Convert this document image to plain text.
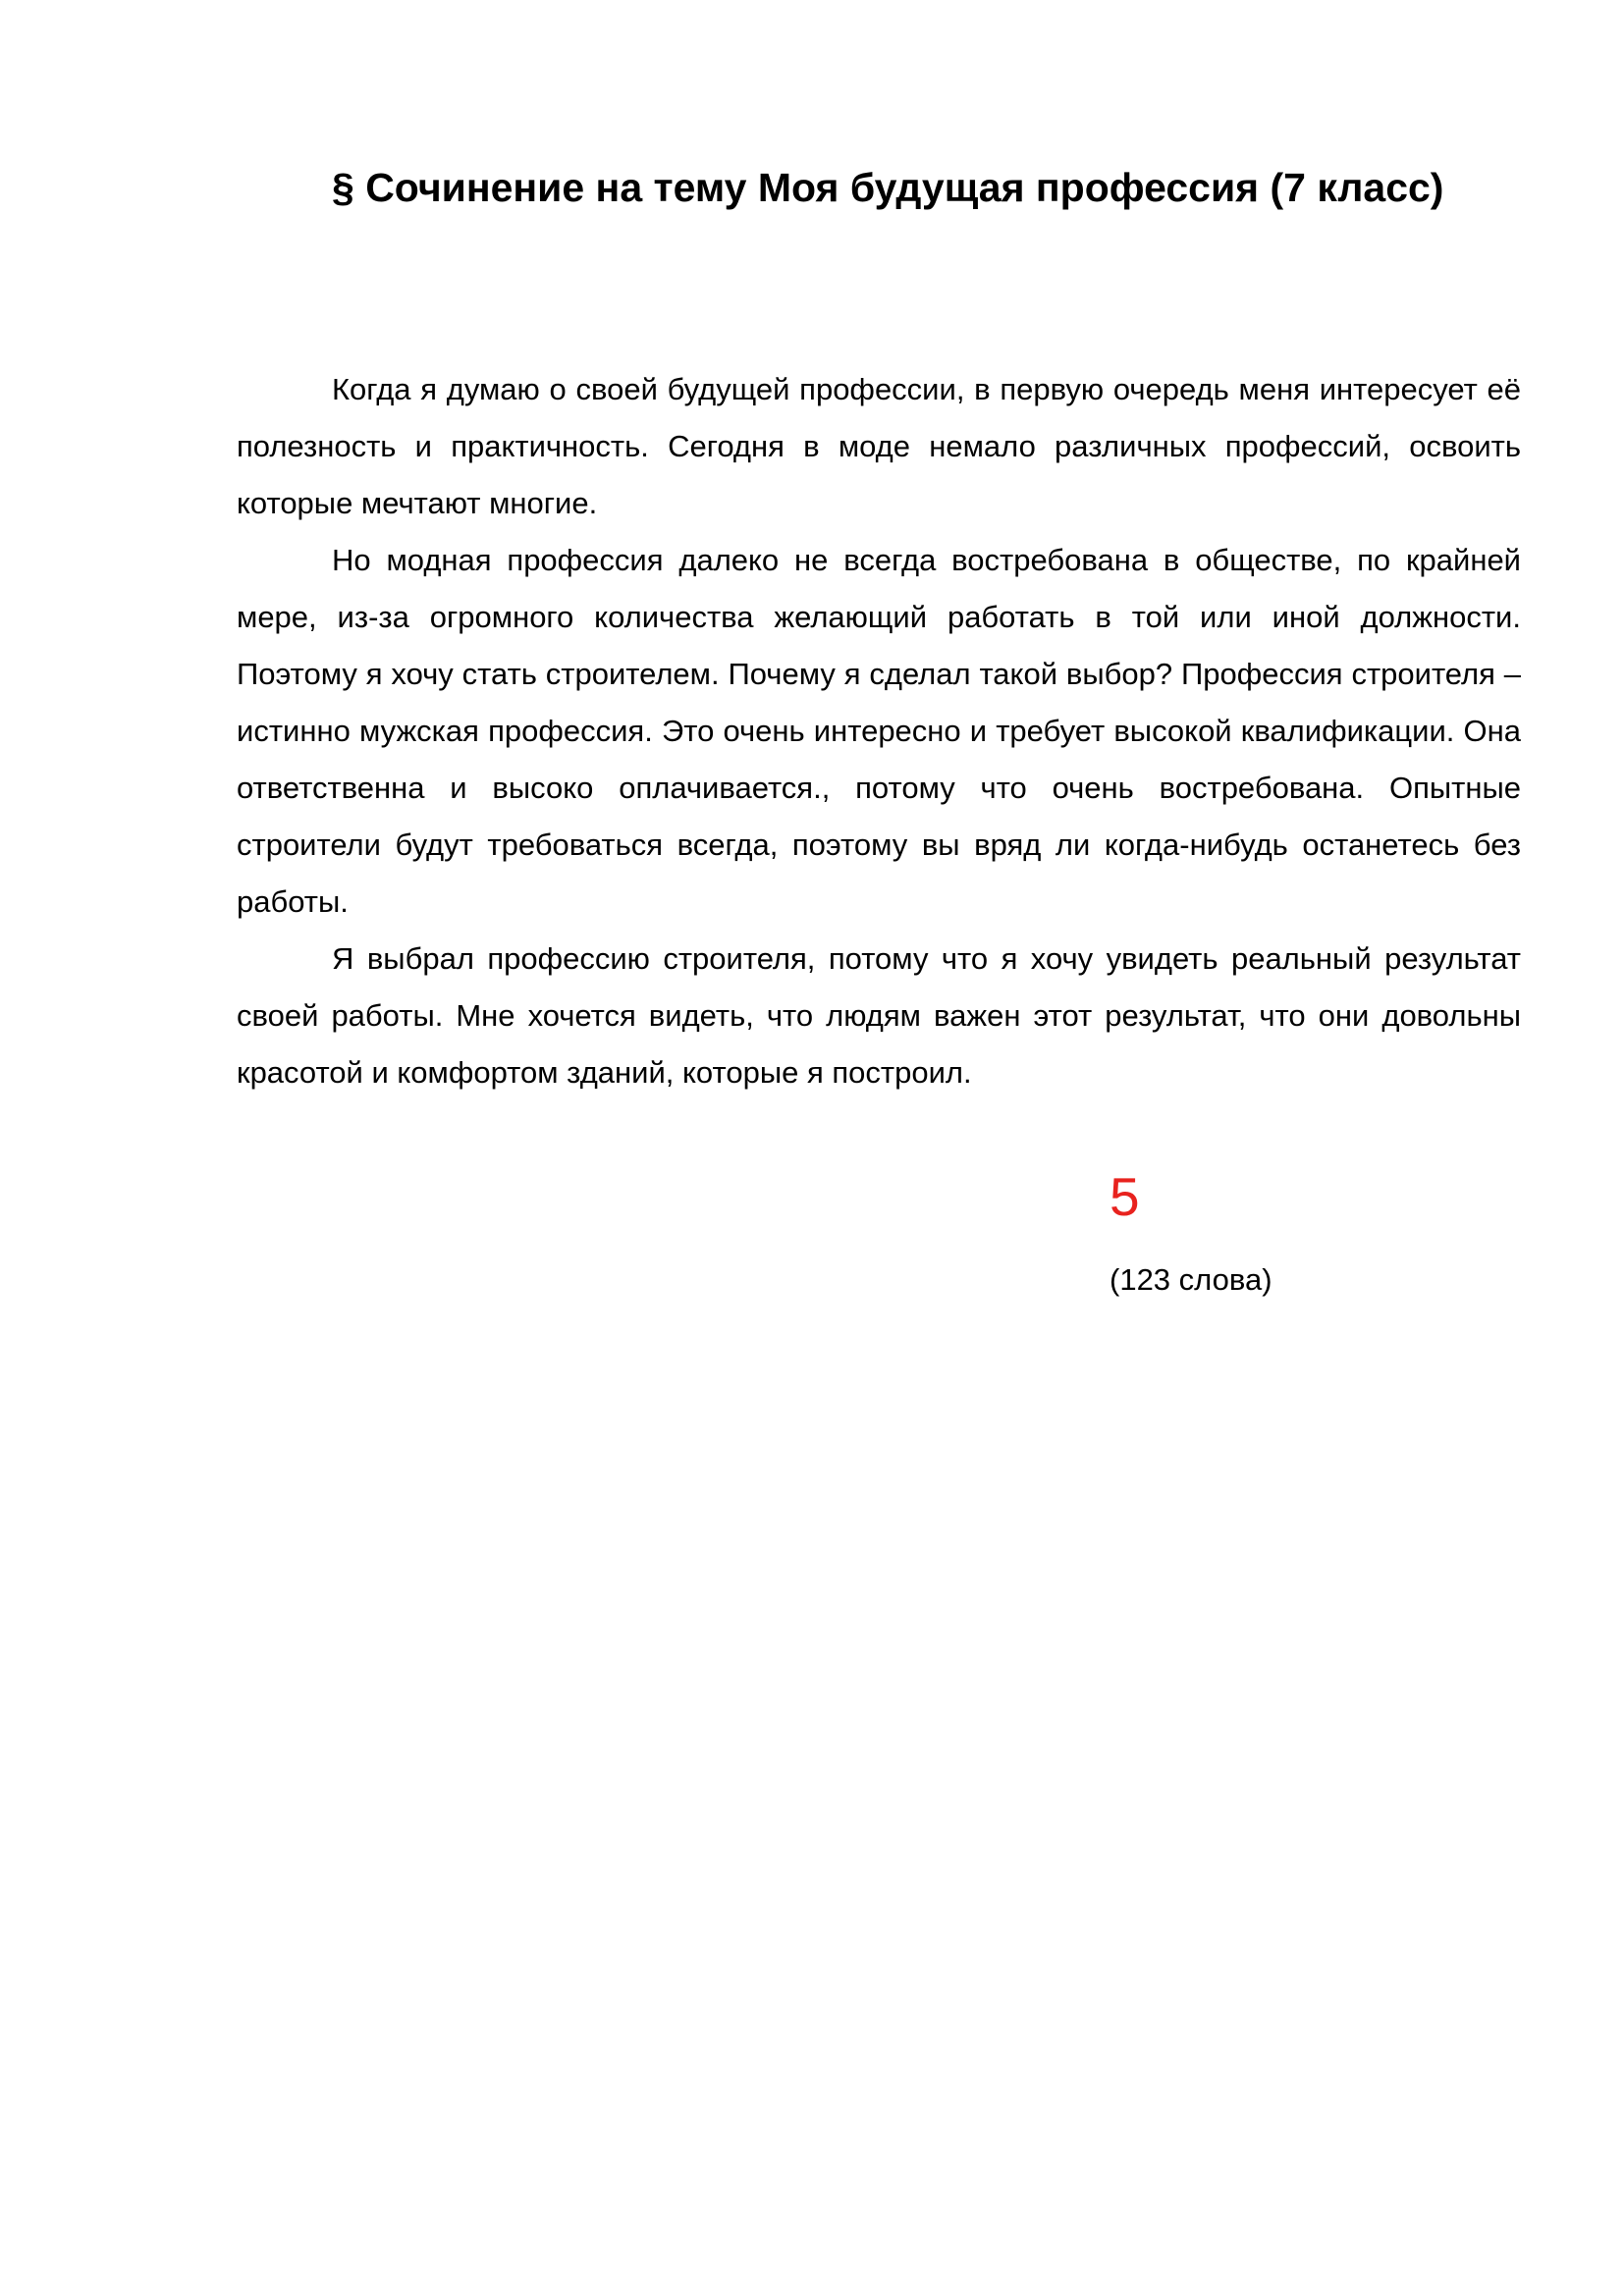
§ Сочинение на тему Моя будущая профессия (7 класс)

Когда я думаю о своей будущей профессии, в первую очередь меня интересует её полезность и практичность. Сегодня в моде немало различных профессий, освоить которые мечтают многие.

Но модная профессия далеко не всегда востребована в обществе, по крайней мере, из-за огромного количества желающий работать в той или иной должности. Поэтому я хочу стать строителем. Почему я сделал такой выбор? Профессия строителя – истинно мужская профессия. Это очень интересно и требует высокой квалификации. Она ответственна и высоко оплачивается., потому что очень востребована. Опытные строители будут требоваться всегда, поэтому вы вряд ли когда-нибудь останетесь без работы.

Я выбрал профессию строителя, потому что я хочу увидеть реальный результат своей работы. Мне хочется видеть, что людям важен этот результат, что они довольны красотой и комфортом зданий, которые я построил.

5
(123 слова)
